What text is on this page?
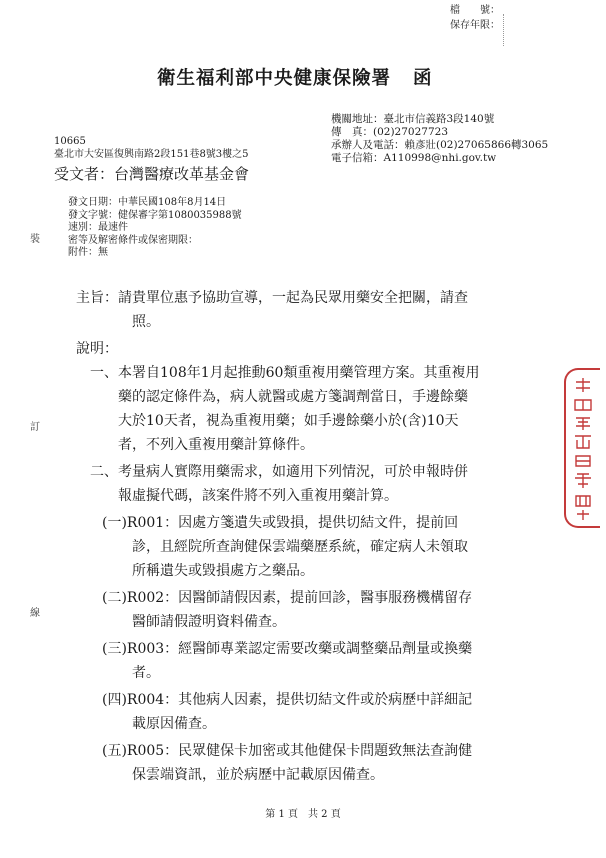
檔　　號：
保存年限：
衛生福利部中央健康保險署 函
機關地址：臺北市信義路3段140號
傳　真：(02)27027723
承辦人及電話：賴彥壯(02)27065866轉3065
電子信箱：A110998@nhi.gov.tw
10665
臺北市大安區復興南路2段151巷8號3樓之5
受文者：台灣醫療改革基金會
發文日期：中華民國108年8月14日
發文字號：健保審字第1080035988號
速別：最速件
密等及解密條件或保密期限：
附件：無
裝
訂
線
主旨：請貴單位惠予協助宣導，一起為民眾用藥安全把關，請查
照。
說明：
一、本署自108年1月起推動60類重複用藥管理方案。其重複用
藥的認定條件為，病人就醫或處方箋調劑當日，手邊餘藥
大於10天者，視為重複用藥；如手邊餘藥小於(含)10天
者，不列入重複用藥計算條件。
二、考量病人實際用藥需求，如適用下列情況，可於申報時併
報虛擬代碼，該案件將不列入重複用藥計算。
(一)R001：因處方箋遺失或毀損，提供切結文件，提前回
診，且經院所查詢健保雲端藥歷系統，確定病人未領取
所稱遺失或毀損處方之藥品。
(二)R002：因醫師請假因素，提前回診，醫事服務機構留存
醫師請假證明資料備查。
(三)R003：經醫師專業認定需要改藥或調整藥品劑量或換藥
者。
(四)R004：其他病人因素，提供切結文件或於病歷中詳細記
載原因備查。
(五)R005：民眾健保卡加密或其他健保卡問題致無法查詢健
保雲端資訊，並於病歷中記載原因備查。
第 1 頁　共 2 頁
